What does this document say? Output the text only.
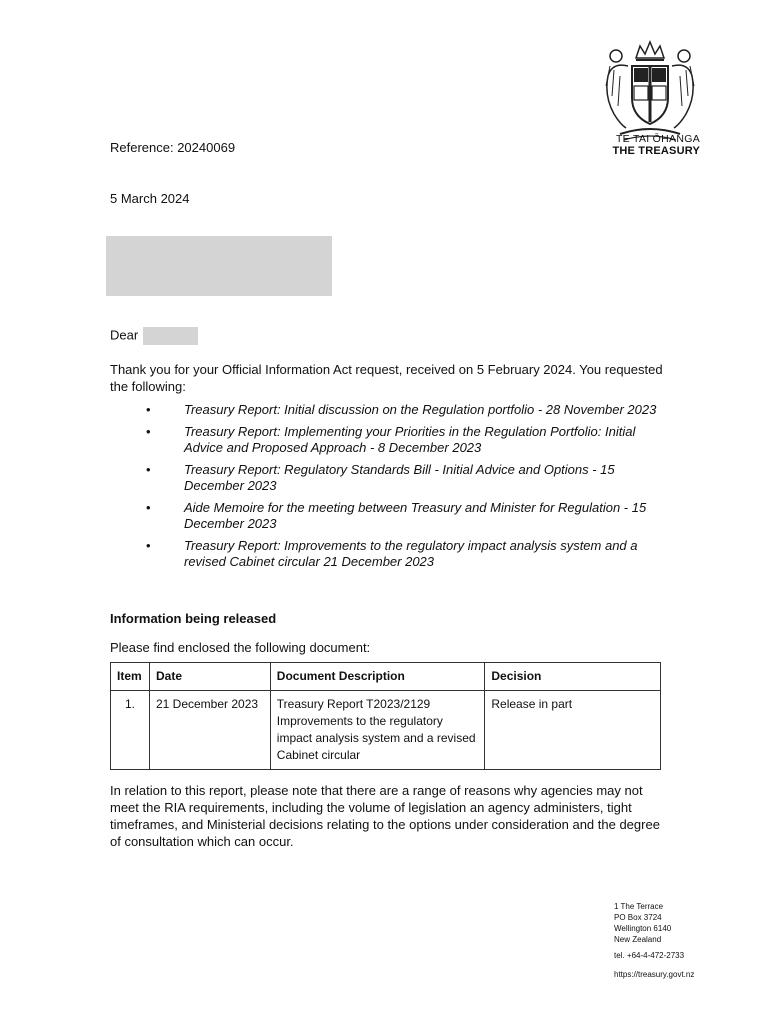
TE TAI ŌHANGA
THE TREASURY
Reference: 20240069
5 March 2024
Dear
Thank you for your Official Information Act request, received on 5 February 2024. You requested the following:
•	Treasury Report: Initial discussion on the Regulation portfolio - 28 November 2023
•	Treasury Report: Implementing your Priorities in the Regulation Portfolio: Initial Advice and Proposed Approach - 8 December 2023
•	Treasury Report: Regulatory Standards Bill - Initial Advice and Options - 15 December 2023
•	Aide Memoire for the meeting between Treasury and Minister for Regulation - 15 December 2023
•	Treasury Report: Improvements to the regulatory impact analysis system and a revised Cabinet circular 21 December 2023
Information being released
Please find enclosed the following document:
Item	Date	Document Description	Decision
1.	21 December 2023	Treasury Report T2023/2129 Improvements to the regulatory impact analysis system and a revised Cabinet circular	Release in part
In relation to this report, please note that there are a range of reasons why agencies may not meet the RIA requirements, including the volume of legislation an agency administers, tight timeframes, and Ministerial decisions relating to the options under consideration and the degree of consultation which can occur.
1 The Terrace
PO Box 3724
Wellington 6140
New Zealand
tel. +64-4-472-2733
https://treasury.govt.nz
